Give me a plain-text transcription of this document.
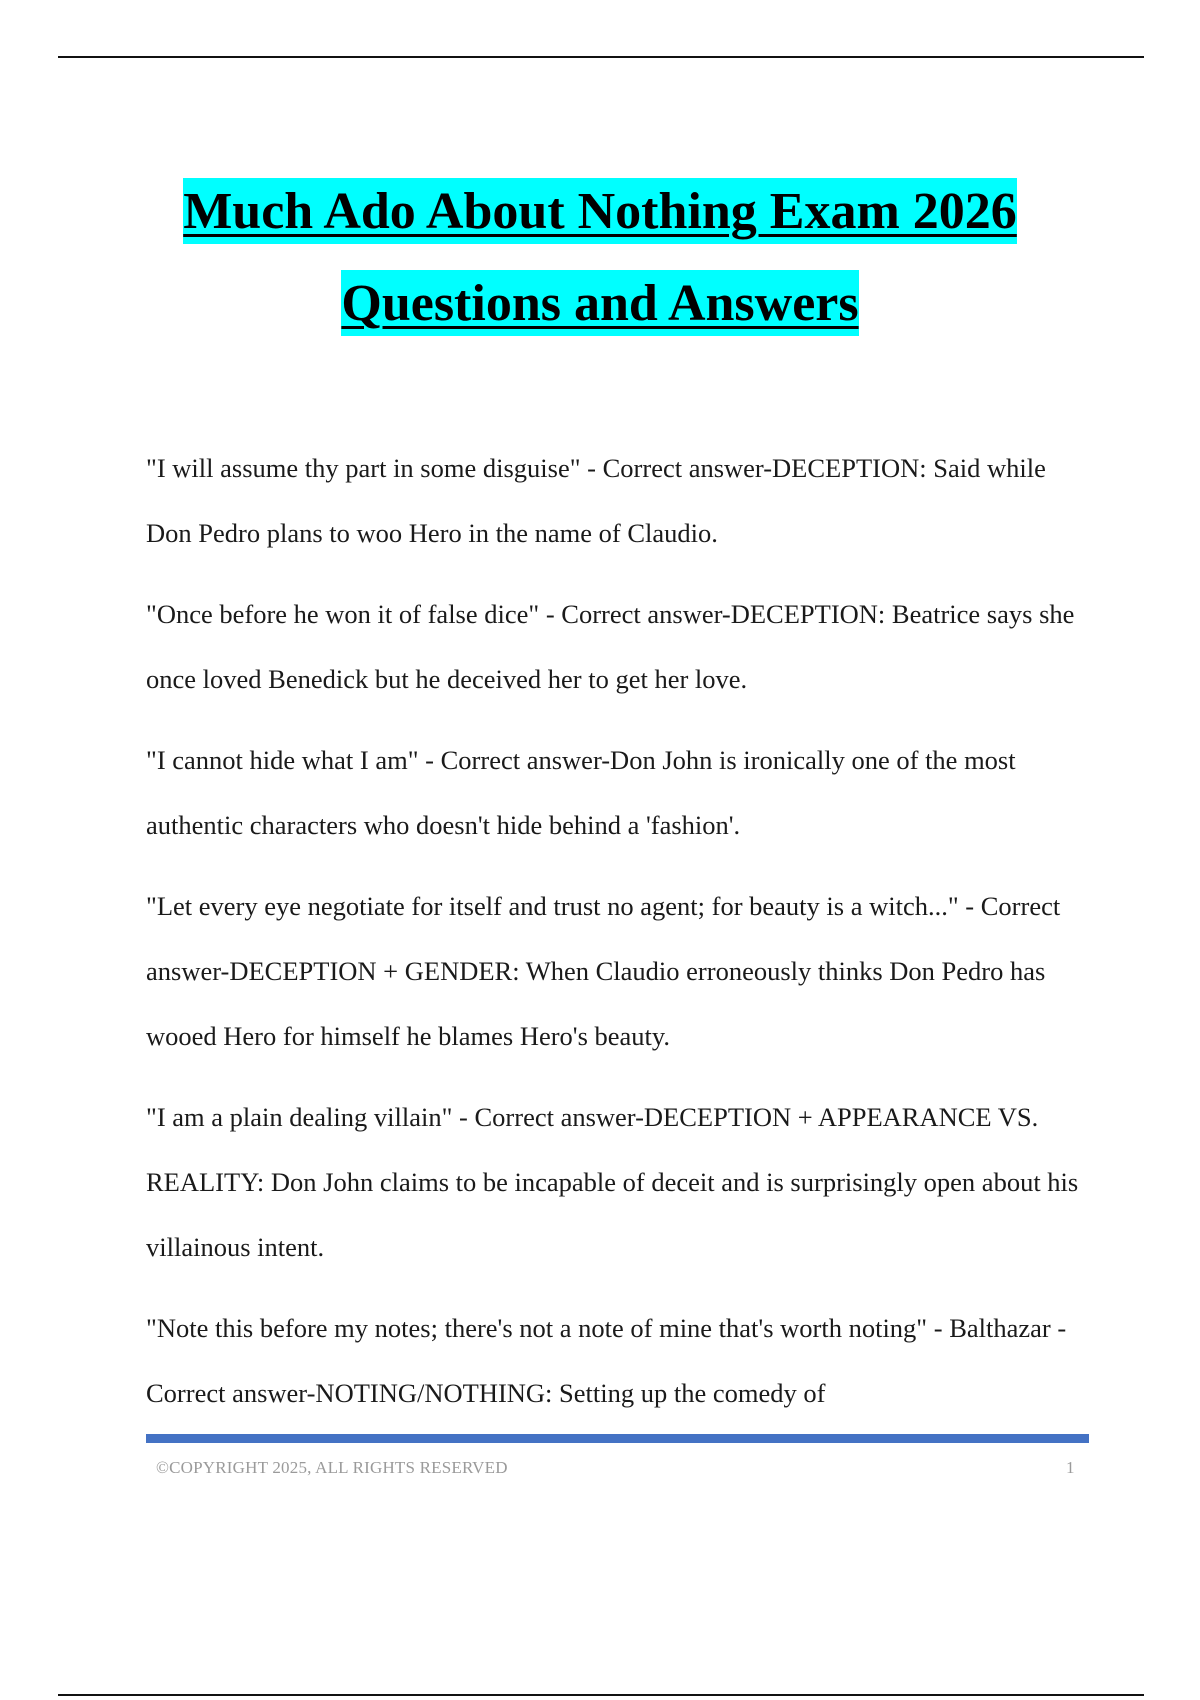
Much Ado About Nothing Exam 2026
Questions and Answers

"I will assume thy part in some disguise" - Correct answer-DECEPTION: Said while Don Pedro plans to woo Hero in the name of Claudio.

"Once before he won it of false dice" - Correct answer-DECEPTION: Beatrice says she once loved Benedick but he deceived her to get her love.

"I cannot hide what I am" - Correct answer-Don John is ironically one of the most authentic characters who doesn't hide behind a 'fashion'.

"Let every eye negotiate for itself and trust no agent; for beauty is a witch..." - Correct answer-DECEPTION + GENDER: When Claudio erroneously thinks Don Pedro has wooed Hero for himself he blames Hero's beauty.

"I am a plain dealing villain" - Correct answer-DECEPTION + APPEARANCE VS. REALITY: Don John claims to be incapable of deceit and is surprisingly open about his villainous intent.

"Note this before my notes; there's not a note of mine that's worth noting" - Balthazar - Correct answer-NOTING/NOTHING: Setting up the comedy of

©COPYRIGHT 2025, ALL RIGHTS RESERVED	1
